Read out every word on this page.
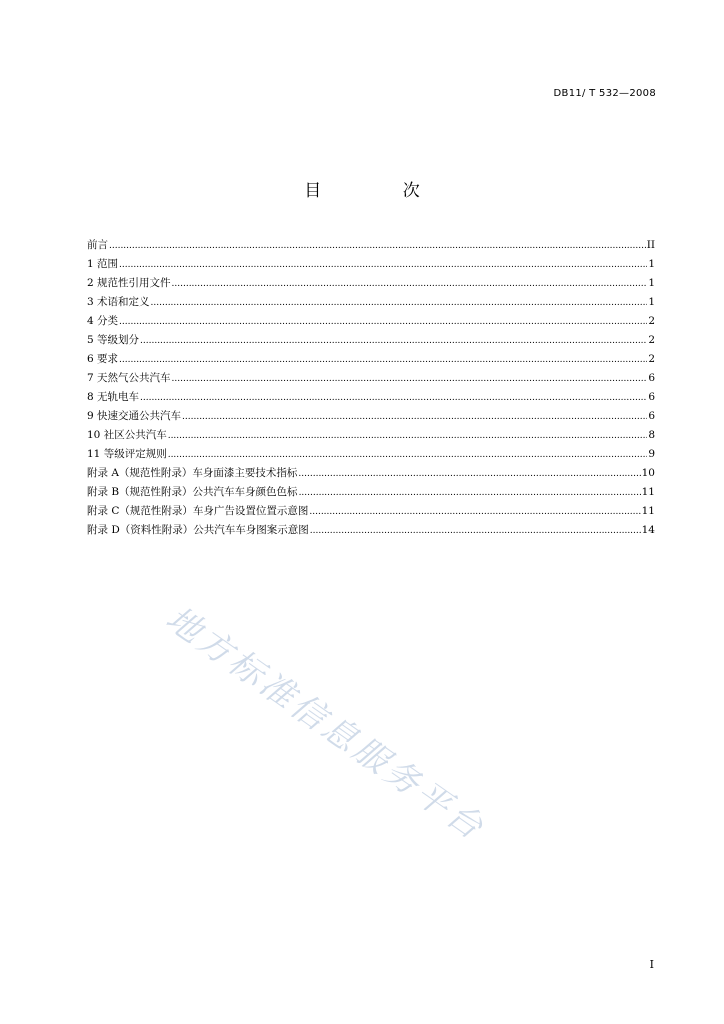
DB11/ T 532—2008
目 次
前言 .....	II
1 范围 .....	1
2 规范性引用文件 .....	1
3 术语和定义 .....	1
4 分类 .....	2
5 等级划分 .....	2
6 要求 .....	2
7 天然气公共汽车 .....	6
8 无轨电车 .....	6
9 快速交通公共汽车 .....	6
10 社区公共汽车 .....	8
11 等级评定规则 .....	9
附录 A（规范性附录）车身面漆主要技术指标 .....	10
附录 B（规范性附录）公共汽车车身颜色色标 .....	11
附录 C（规范性附录）车身广告设置位置示意图 .....	11
附录 D（资料性附录）公共汽车车身图案示意图 .....	14
地方标准信息服务平台
I
